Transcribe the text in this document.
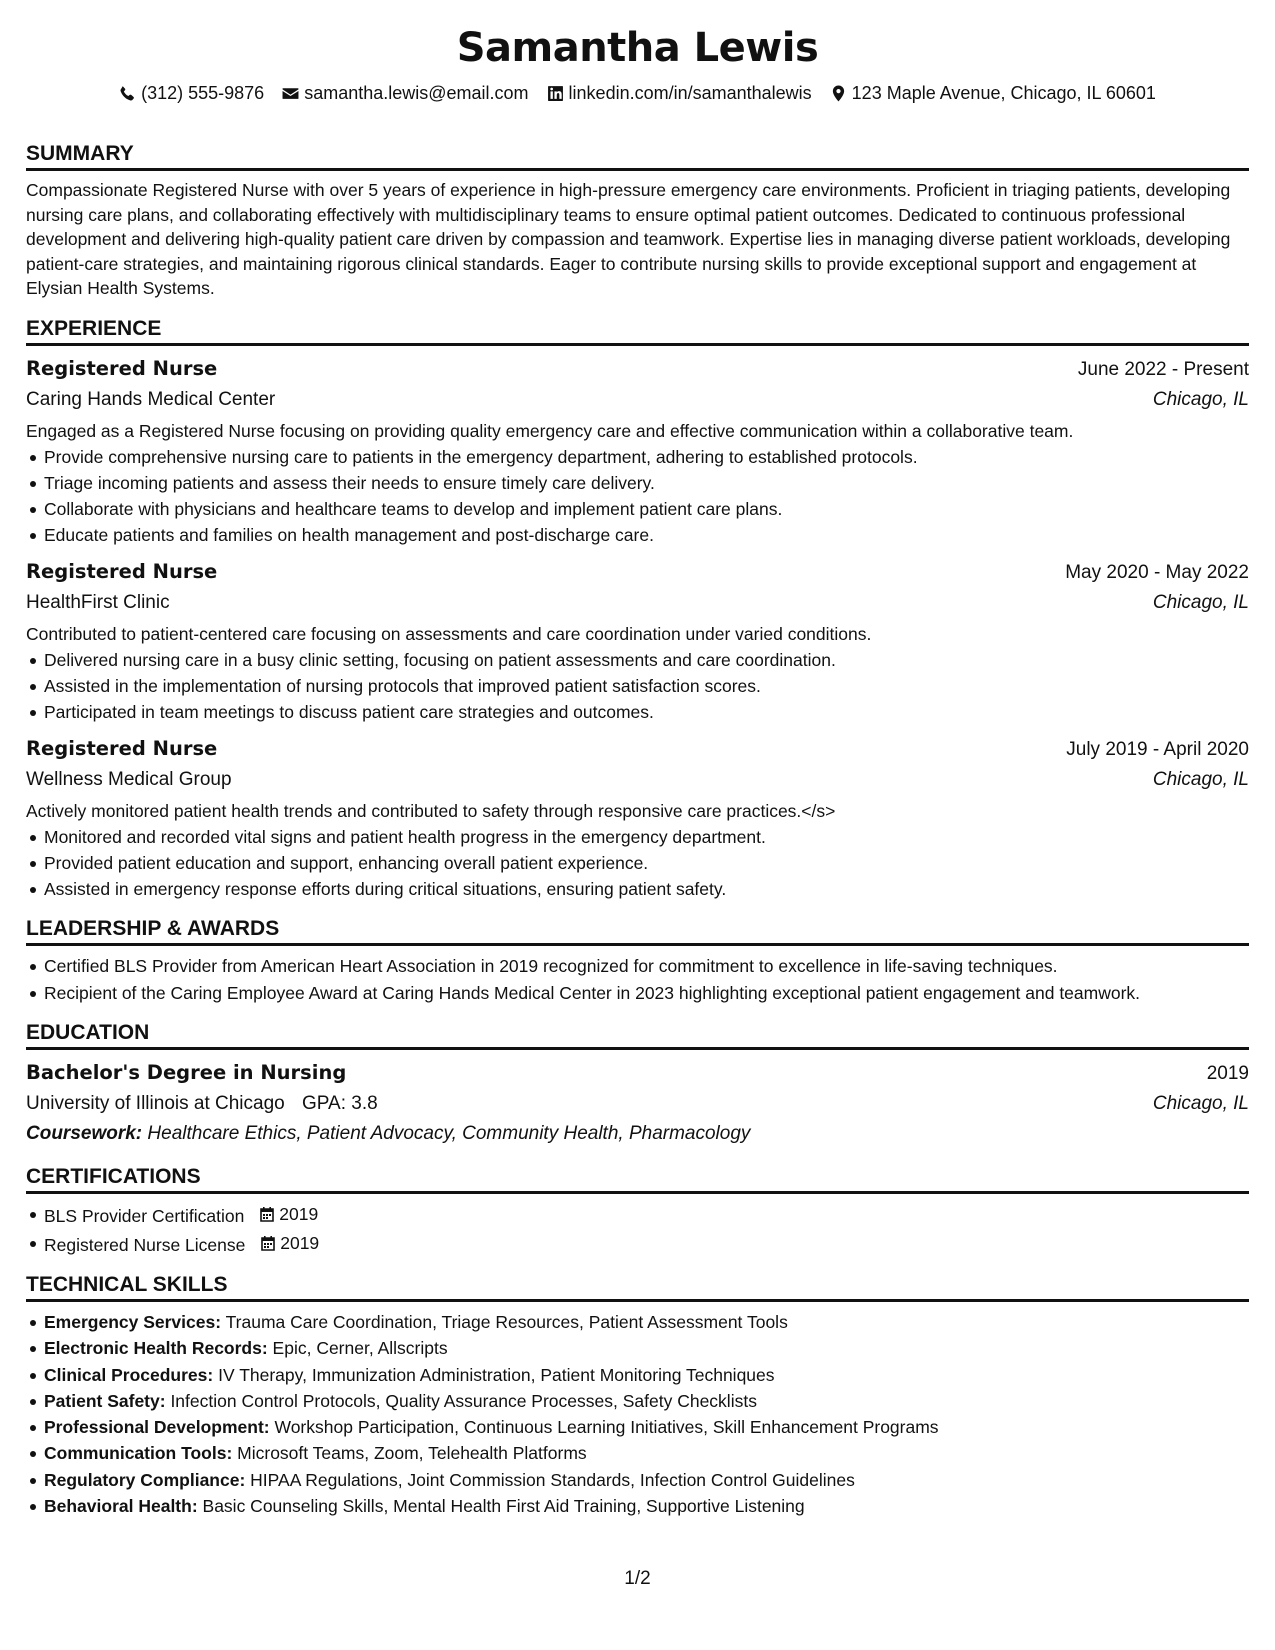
Samantha Lewis
(312) 555-9876 samantha.lewis@email.com linkedin.com/in/samanthalewis 123 Maple Avenue, Chicago, IL 60601
SUMMARY
Compassionate Registered Nurse with over 5 years of experience in high-pressure emergency care environments. Proficient in triaging patients, developing nursing care plans, and collaborating effectively with multidisciplinary teams to ensure optimal patient outcomes. Dedicated to continuous professional development and delivering high-quality patient care driven by compassion and teamwork. Expertise lies in managing diverse patient workloads, developing patient-care strategies, and maintaining rigorous clinical standards. Eager to contribute nursing skills to provide exceptional support and engagement at Elysian Health Systems.
EXPERIENCE
Registered Nurse	June 2022 - Present
Caring Hands Medical Center	Chicago, IL
Engaged as a Registered Nurse focusing on providing quality emergency care and effective communication within a collaborative team.
Provide comprehensive nursing care to patients in the emergency department, adhering to established protocols.
Triage incoming patients and assess their needs to ensure timely care delivery.
Collaborate with physicians and healthcare teams to develop and implement patient care plans.
Educate patients and families on health management and post-discharge care.
Registered Nurse	May 2020 - May 2022
HealthFirst Clinic	Chicago, IL
Contributed to patient-centered care focusing on assessments and care coordination under varied conditions.
Delivered nursing care in a busy clinic setting, focusing on patient assessments and care coordination.
Assisted in the implementation of nursing protocols that improved patient satisfaction scores.
Participated in team meetings to discuss patient care strategies and outcomes.
Registered Nurse	July 2019 - April 2020
Wellness Medical Group	Chicago, IL
Actively monitored patient health trends and contributed to safety through responsive care practices.</s>
Monitored and recorded vital signs and patient health progress in the emergency department.
Provided patient education and support, enhancing overall patient experience.
Assisted in emergency response efforts during critical situations, ensuring patient safety.
LEADERSHIP & AWARDS
Certified BLS Provider from American Heart Association in 2019 recognized for commitment to excellence in life-saving techniques.
Recipient of the Caring Employee Award at Caring Hands Medical Center in 2023 highlighting exceptional patient engagement and teamwork.
EDUCATION
Bachelor's Degree in Nursing	2019
University of Illinois at Chicago GPA: 3.8	Chicago, IL
Coursework: Healthcare Ethics, Patient Advocacy, Community Health, Pharmacology
CERTIFICATIONS
BLS Provider Certification 2019
Registered Nurse License 2019
TECHNICAL SKILLS
Emergency Services: Trauma Care Coordination, Triage Resources, Patient Assessment Tools
Electronic Health Records: Epic, Cerner, Allscripts
Clinical Procedures: IV Therapy, Immunization Administration, Patient Monitoring Techniques
Patient Safety: Infection Control Protocols, Quality Assurance Processes, Safety Checklists
Professional Development: Workshop Participation, Continuous Learning Initiatives, Skill Enhancement Programs
Communication Tools: Microsoft Teams, Zoom, Telehealth Platforms
Regulatory Compliance: HIPAA Regulations, Joint Commission Standards, Infection Control Guidelines
Behavioral Health: Basic Counseling Skills, Mental Health First Aid Training, Supportive Listening
1/2
